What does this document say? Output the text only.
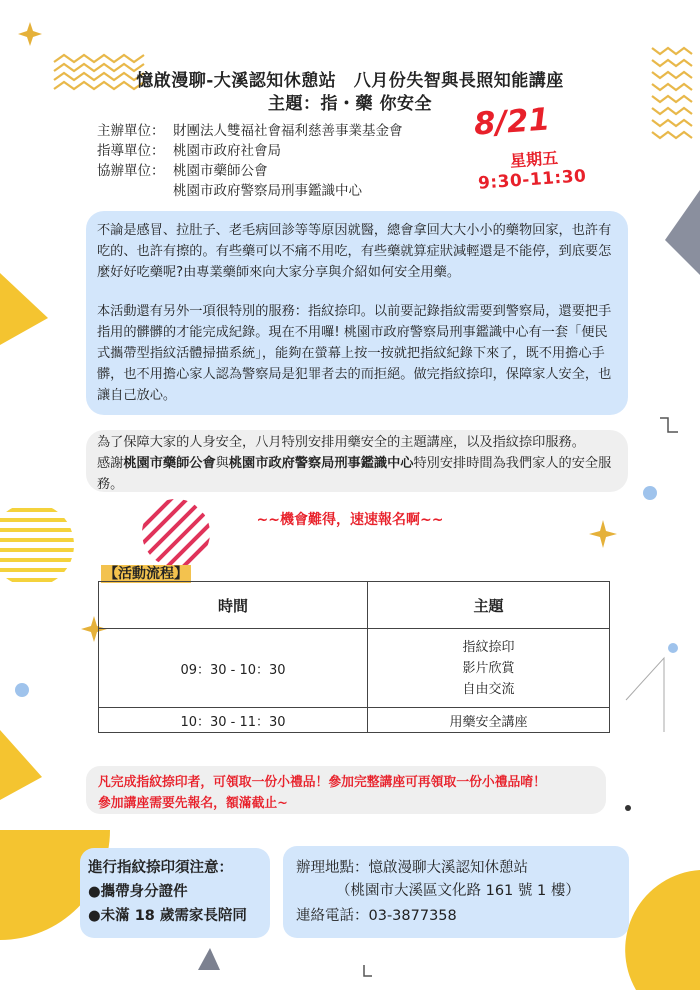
憶啟漫聊-大溪認知休憩站　八月份失智與長照知能講座
主題：指・藥 你安全
主辦單位： 財團法人雙福社會福利慈善事業基金會
指導單位： 桃園市政府社會局
協辦單位： 桃園市藥師公會
桃園市政府警察局刑事鑑識中心
8/21
星期五
9:30-11:30
不論是感冒、拉肚子、老毛病回診等等原因就醫，總會拿回大大小小的藥物回家，也許有吃的、也許有擦的。有些藥可以不痛不用吃，有些藥就算症狀減輕還是不能停，到底要怎麼好好吃藥呢?由專業藥師來向大家分享與介紹如何安全用藥。
本活動還有另外一項很特別的服務：指紋捺印。以前要記錄指紋需要到警察局，還要把手指用的髒髒的才能完成紀錄。現在不用囉! 桃園市政府警察局刑事鑑識中心有一套「便民式攜帶型指紋活體掃描系統」，能夠在螢幕上按一按就把指紋紀錄下來了，既不用擔心手髒，也不用擔心家人認為警察局是犯罪者去的而拒絕。做完指紋捺印，保障家人安全，也讓自己放心。
為了保障大家的人身安全，八月特別安排用藥安全的主題講座，以及指紋捺印服務。
感謝桃園市藥師公會與桃園市政府警察局刑事鑑識中心特別安排時間為我們家人的安全服務。
~~機會難得，速速報名啊~~
【活動流程】
時間	主題
09：30 - 10：30	指紋捺印
影片欣賞
自由交流

10：30 - 11：30	用藥安全講座
凡完成指紋捺印者，可領取一份小禮品！參加完整講座可再領取一份小禮品唷！
參加講座需要先報名，額滿截止~
進行指紋捺印須注意：
●攜帶身分證件
●未滿 18 歲需家長陪同
辦理地點：憶啟漫聊大溪認知休憩站
（桃園市大溪區文化路 161 號 1 樓）
連絡電話：03-3877358
